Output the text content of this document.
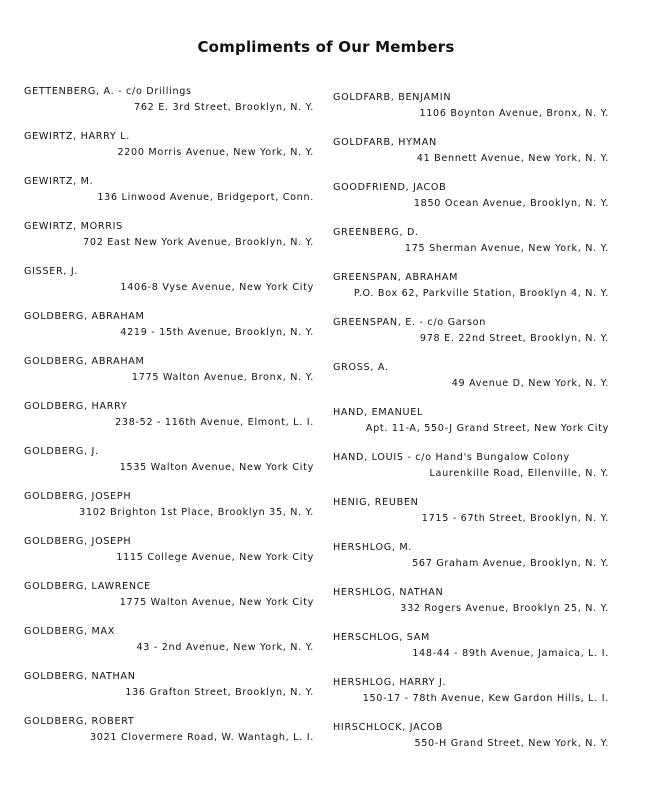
Compliments of Our Members
GETTENBERG, A. - c/o Drillings
762 E. 3rd Street, Brooklyn, N. Y.
GEWIRTZ, HARRY L.
2200 Morris Avenue, New York, N. Y.
GEWIRTZ, M.
136 Linwood Avenue, Bridgeport, Conn.
GEWIRTZ, MORRIS
702 East New York Avenue, Brooklyn, N. Y.
GISSER, J.
1406-8 Vyse Avenue, New York City
GOLDBERG, ABRAHAM
4219 - 15th Avenue, Brooklyn, N. Y.
GOLDBERG, ABRAHAM
1775 Walton Avenue, Bronx, N. Y.
GOLDBERG, HARRY
238-52 - 116th Avenue, Elmont, L. I.
GOLDBERG, J.
1535 Walton Avenue, New York City
GOLDBERG, JOSEPH
3102 Brighton 1st Place, Brooklyn 35, N. Y.
GOLDBERG, JOSEPH
1115 College Avenue, New York City
GOLDBERG, LAWRENCE
1775 Walton Avenue, New York City
GOLDBERG, MAX
43 - 2nd Avenue, New York, N. Y.
GOLDBERG, NATHAN
136 Grafton Street, Brooklyn, N. Y.
GOLDBERG, ROBERT
3021 Clovermere Road, W. Wantagh, L. I.
GOLDFARB, BENJAMIN
1106 Boynton Avenue, Bronx, N. Y.
GOLDFARB, HYMAN
41 Bennett Avenue, New York, N. Y.
GOODFRIEND, JACOB
1850 Ocean Avenue, Brooklyn, N. Y.
GREENBERG, D.
175 Sherman Avenue, New York, N. Y.
GREENSPAN, ABRAHAM
P.O. Box 62, Parkville Station, Brooklyn 4, N. Y.
GREENSPAN, E. - c/o Garson
978 E. 22nd Street, Brooklyn, N. Y.
GROSS, A.
49 Avenue D, New York, N. Y.
HAND, EMANUEL
Apt. 11-A, 550-J Grand Street, New York City
HAND, LOUIS - c/o Hand's Bungalow Colony
Laurenkille Road, Ellenville, N. Y.
HENIG, REUBEN
1715 - 67th Street, Brooklyn, N. Y.
HERSHLOG, M.
567 Graham Avenue, Brooklyn, N. Y.
HERSHLOG, NATHAN
332 Rogers Avenue, Brooklyn 25, N. Y.
HERSCHLOG, SAM
148-44 - 89th Avenue, Jamaica, L. I.
HERSHLOG, HARRY J.
150-17 - 78th Avenue, Kew Gardon Hills, L. I.
HIRSCHLOCK, JACOB
550-H Grand Street, New York, N. Y.
